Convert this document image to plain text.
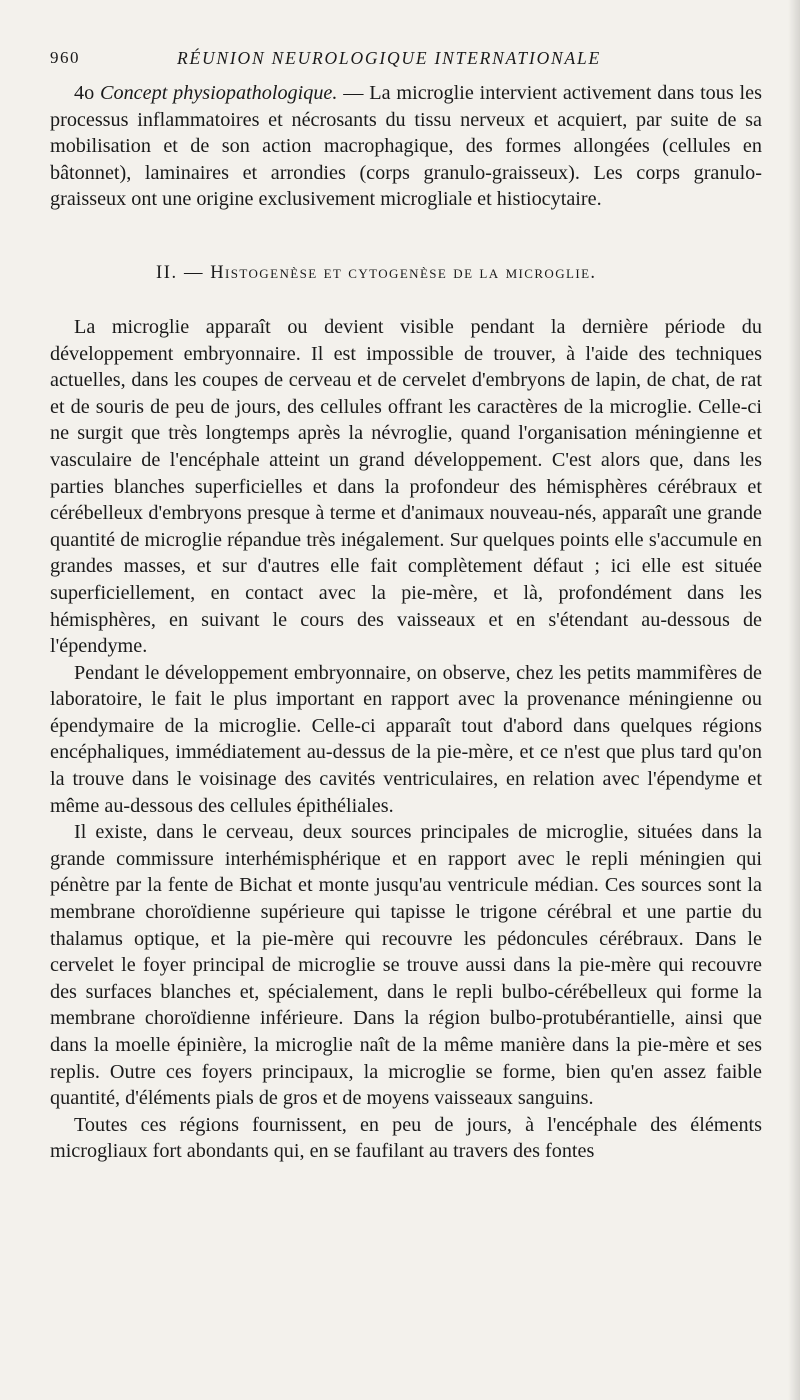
960	RÉUNION NEUROLOGIQUE INTERNATIONALE

4o Concept physiopathologique. — La microglie intervient activement dans tous les processus inflammatoires et nécrosants du tissu nerveux et acquiert, par suite de sa mobilisation et de son action macrophagique, des formes allongées (cellules en bâtonnet), laminaires et arrondies (corps granulo-graisseux). Les corps granulo-graisseux ont une origine exclusivement microgliale et histiocytaire.

II. — Histogenèse et cytogenèse de la microglie.

La microglie apparaît ou devient visible pendant la dernière période du développement embryonnaire. Il est impossible de trouver, à l'aide des techniques actuelles, dans les coupes de cerveau et de cervelet d'embryons de lapin, de chat, de rat et de souris de peu de jours, des cellules offrant les caractères de la microglie. Celle-ci ne surgit que très longtemps après la névroglie, quand l'organisation méningienne et vasculaire de l'encéphale atteint un grand développement. C'est alors que, dans les parties blanches superficielles et dans la profondeur des hémisphères cérébraux et cérébelleux d'embryons presque à terme et d'animaux nouveau-nés, apparaît une grande quantité de microglie répandue très inégalement. Sur quelques points elle s'accumule en grandes masses, et sur d'autres elle fait complètement défaut ; ici elle est située superficiellement, en contact avec la pie-mère, et là, profondément dans les hémisphères, en suivant le cours des vaisseaux et en s'étendant au-dessous de l'épendyme.

Pendant le développement embryonnaire, on observe, chez les petits mammifères de laboratoire, le fait le plus important en rapport avec la provenance méningienne ou épendymaire de la microglie. Celle-ci apparaît tout d'abord dans quelques régions encéphaliques, immédiatement au-dessus de la pie-mère, et ce n'est que plus tard qu'on la trouve dans le voisinage des cavités ventriculaires, en relation avec l'épendyme et même au-dessous des cellules épithéliales.

Il existe, dans le cerveau, deux sources principales de microglie, situées dans la grande commissure interhémisphérique et en rapport avec le repli méningien qui pénètre par la fente de Bichat et monte jusqu'au ventricule médian. Ces sources sont la membrane choroïdienne supérieure qui tapisse le trigone cérébral et une partie du thalamus optique, et la pie-mère qui recouvre les pédoncules cérébraux. Dans le cervelet le foyer principal de microglie se trouve aussi dans la pie-mère qui recouvre des surfaces blanches et, spécialement, dans le repli bulbo-cérébelleux qui forme la membrane choroïdienne inférieure. Dans la région bulbo-protubérantielle, ainsi que dans la moelle épinière, la microglie naît de la même manière dans la pie-mère et ses replis. Outre ces foyers principaux, la microglie se forme, bien qu'en assez faible quantité, d'éléments pials de gros et de moyens vaisseaux sanguins.

Toutes ces régions fournissent, en peu de jours, à l'encéphale des éléments microgliaux fort abondants qui, en se faufilant au travers des fontes
